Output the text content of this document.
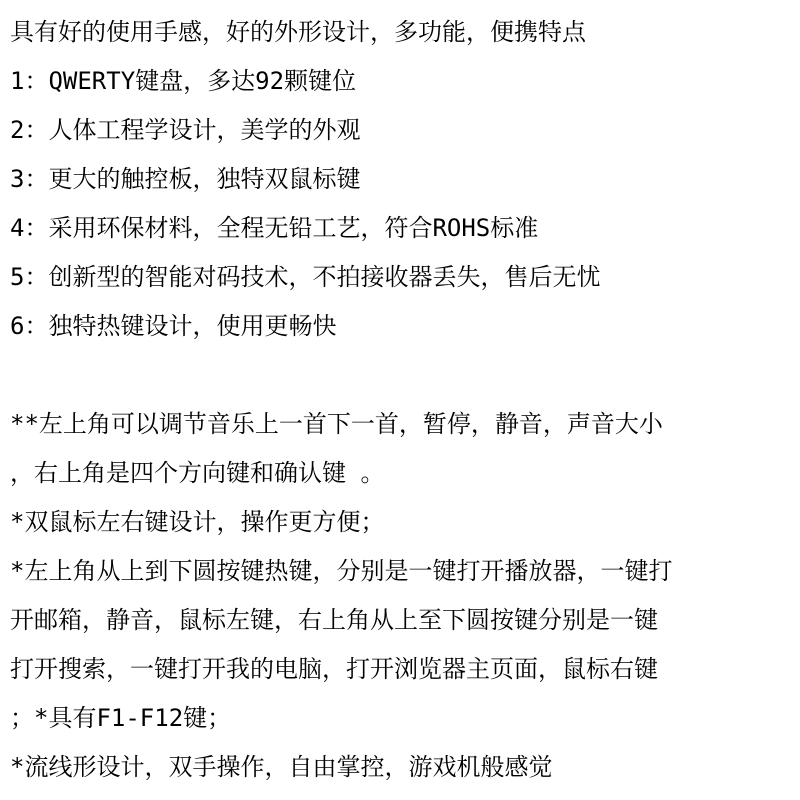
具有好的使用手感，好的外形设计，多功能，便携特点
1：QWERTY键盘，多达92颗键位
2：人体工程学设计，美学的外观
3：更大的触控板，独特双鼠标键
4：采用环保材料，全程无铅工艺，符合ROHS标准
5：创新型的智能对码技术，不拍接收器丢失，售后无忧
6：独特热键设计，使用更畅快
**左上角可以调节音乐上一首下一首，暂停，静音，声音大小
，右上角是四个方向键和确认键 。
*双鼠标左右键设计，操作更方便；
*左上角从上到下圆按键热键，分别是一键打开播放器，一键打
开邮箱，静音，鼠标左键，右上角从上至下圆按键分别是一键
打开搜索，一键打开我的电脑，打开浏览器主页面，鼠标右键
；*具有F1-F12键；
*流线形设计，双手操作，自由掌控，游戏机般感觉
